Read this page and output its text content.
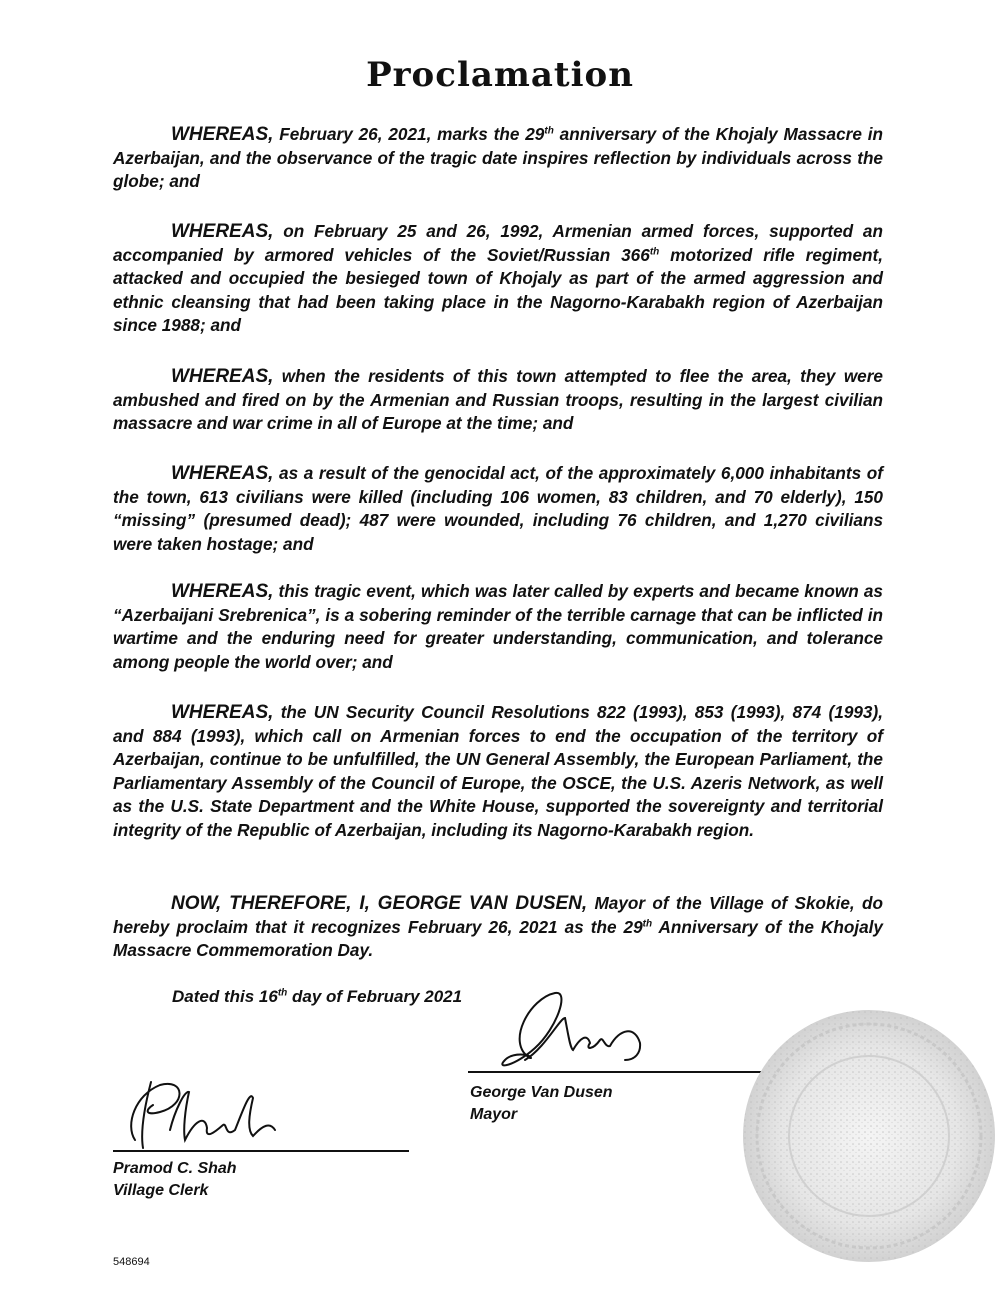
Proclamation

WHEREAS, February 26, 2021, marks the 29th anniversary of the Khojaly Massacre in Azerbaijan, and the observance of the tragic date inspires reflection by individuals across the globe; and

WHEREAS, on February 25 and 26, 1992, Armenian armed forces, supported an accompanied by armored vehicles of the Soviet/Russian 366th motorized rifle regiment, attacked and occupied the besieged town of Khojaly as part of the armed aggression and ethnic cleansing that had been taking place in the Nagorno-Karabakh region of Azerbaijan since 1988; and

WHEREAS, when the residents of this town attempted to flee the area, they were ambushed and fired on by the Armenian and Russian troops, resulting in the largest civilian massacre and war crime in all of Europe at the time; and

WHEREAS, as a result of the genocidal act, of the approximately 6,000 inhabitants of the town, 613 civilians were killed (including 106 women, 83 children, and 70 elderly), 150 “missing” (presumed dead); 487 were wounded, including 76 children, and 1,270 civilians were taken hostage; and

WHEREAS, this tragic event, which was later called by experts and became known as “Azerbaijani Srebrenica”, is a sobering reminder of the terrible carnage that can be inflicted in wartime and the enduring need for greater understanding, communication, and tolerance among people the world over; and

WHEREAS, the UN Security Council Resolutions 822 (1993), 853 (1993), 874 (1993), and 884 (1993), which call on Armenian forces to end the occupation of the territory of Azerbaijan, continue to be unfulfilled, the UN General Assembly, the European Parliament, the Parliamentary Assembly of the Council of Europe, the OSCE, the U.S. Azeris Network, as well as the U.S. State Department and the White House, supported the sovereignty and territorial integrity of the Republic of Azerbaijan, including its Nagorno-Karabakh region.

NOW, THEREFORE, I, GEORGE VAN DUSEN, Mayor of the Village of Skokie, do hereby proclaim that it recognizes February 26, 2021 as the 29th Anniversary of the Khojaly Massacre Commemoration Day.

Dated this 16th day of February 2021
George Van Dusen
Mayor
Pramod C. Shah
Village Clerk
548694
